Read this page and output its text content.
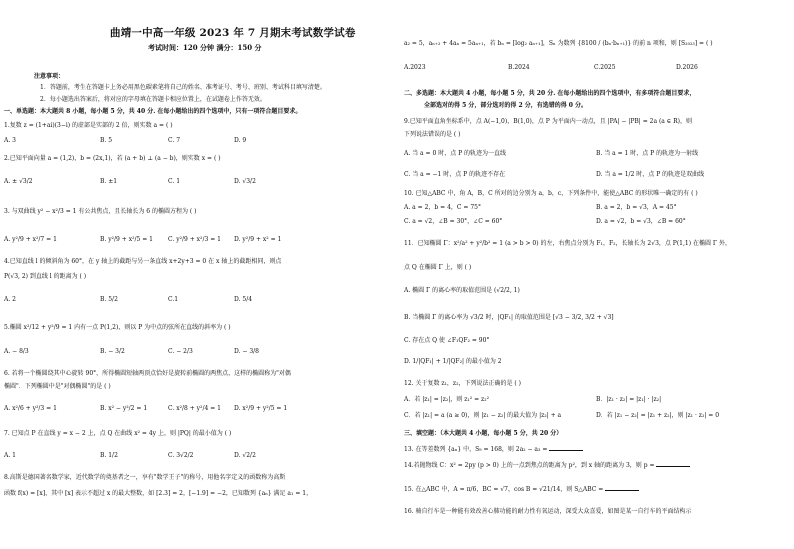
曲靖一中高一年级 2023 年 7 月期末考试数学试卷
考试时间：120 分钟 满分：150 分
注意事项：
1．答题前，考生在答题卡上务必用黑色碳素笔将自己的姓名、准考证号、考号、班别、考试科目填写清楚。
2．每小题选出答案后，将对应的字母填在答题卡相应位置上，在试题卷上作答无效。
一、单选题：本大题共 8 小题，每小题 5 分，共 40 分. 在每小题给出的四个选项中，只有一项符合题目要求。
1.复数 z = (1+ai)(3−i) 的虚部是实部的 2 倍，则实数 a = ( )
A. 3	B. 5	C. 7	D. 9
2.已知平面向量 a = (1,2)，b = (2x,1)，若 (a + b) ⊥ (a − b)，则实数 x = ( )
A. ± √3/2	B. ±1	C. 1	D. √3/2
3. 与双曲线 y² − x²/3 = 1 有公共焦点，且长轴长为 6 的椭圆方程为 ( )
A. y²/9 + x²/7 = 1	B. y²/9 + x²/5 = 1	C. y²/9 + x²/3 = 1 D. y²/9 + x² = 1
4.已知直线 l 的倾斜角为 60°，在 y 轴上的截距与另一条直线 x+2y+3 = 0 在 x 轴上的截距相同，则点
P(√3, 2) 到直线 l 的距离为 ( )
A. 2	B. 5/2	C.1	D. 5/4
5.椭圆 x²/12 + y²/9 = 1 内有一点 P(1,2)，则以 P 为中点的弦所在直线的斜率为 ( )
A. − 8/3	B. − 3/2	C. − 2/3	D. − 3/8
6. 若将一个椭圆绕其中心旋转 90°，所得椭圆短轴两顶点恰好是旋转前椭圆的两焦点，这样的椭圆称为"对偶
椭圆"．下列椭圆中是"对偶椭圆"的是 ( )
A. x²/6 + y²/3 = 1	B. x² − y²/2 = 1	C. x²/8 + y²/4 = 1 D. x²/9 + y²/5 = 1
7. 已知点 P 在直线 y = x − 2 上，点 Q 在曲线 x² = 4y 上，则 |PQ| 的最小值为 ( )
A. 1	B. 1/2	C. 3√2/2	D. √2/2
8.高斯是德国著名数学家，近代数学的奠基者之一，享有"数学王子"的称号，用他名字定义的函数称为高斯
函数 f(x) = [x]，其中 [x] 表示不超过 x 的最大整数，如 [2.3] = 2，[−1.9] = −2，已知数列 {aₙ} 满足 a₁ = 1，
a₂ = 5，aₙ₊₂ + 4aₙ = 5aₙ₊₁，若 bₙ = [log₂ aₙ₊₁]，Sₙ 为数列 {8100 / (bₙ·bₙ₊₁)} 的前 n 项和，则 [S₂₀₂₃] = ( )
A.2023	B.2024	C.2025	D.2026
二、多选题：本大题共 4 小题，每小题 5 分，共 20 分. 在每小题给出的四个选项中，有多项符合题目要求，
全部选对的得 5 分，部分选对的得 2 分，有选错的得 0 分。
9.已知平面直角坐标系中，点 A(−1,0)，B(1,0)，点 P 为平面内一动点，且 |PA| − |PB| = 2a (a ∈ R)，则
下列说法错误的是 ( )
A. 当 a = 0 时，点 P 的轨迹为一直线	B. 当 a = 1 时，点 P 的轨迹为一射线
C. 当 a = −1 时，点 P 的轨迹不存在	D. 当 a = 1/2 时，点 P 的轨迹是双曲线
10. 已知△ABC 中，角 A，B，C 所对的边分别为 a，b，c，下列条件中，能使△ABC 的形状唯一确定的有 ( )
A. a = 2，b = 4，C = 75°	B. a = 2，b = √3，A = 45°
C. a = √2，∠B = 30°，∠C = 60°	D. a = √2，b = √3，∠B = 60°
11．已知椭圆 Γ：x²/a² + y²/b² = 1 (a > b > 0) 的左，右焦点分别为 F₁，F₂，长轴长为 2√3，点 P(1,1) 在椭圆 Γ 外，
点 Q 在椭圆 Γ 上，则 ( )
A. 椭圆 Γ 的离心率的取值范围是 (√2/2, 1)
B. 当椭圆 Γ 的离心率为 √3/2 时，|QF₁| 的取值范围是 [√3 − 3/2, 3/2 + √3]
C. 存在点 Q 使 ∠F₁QF₂ = 90°
D. 1/|QF₁| + 1/|QF₂| 的最小值为 2
12. 关于复数 z₁，z₂，下列说法正确的是 ( )
A．若 |z₁| = |z₂|，则 z₁² = z₂²	B．|z₁ · z₂| = |z₁| · |z₂|
C．若 |z₁| = a (a ≥ 0)，则 |z₁ − z₂| 的最大值为 |z₂| + a	D．若 |z₁ − z₂| = |z₁ + z₂|，则 |z₁ · z₂| = 0
三、填空题：（本大题共 4 小题，每小题 5 分，共 20 分）
13. 在等差数列 {aₙ} 中，S₉ = 168，则 2a₂ − a₃ =
14.若抛物线 C：x² = 2py (p > 0) 上的一点到焦点的距离为 p²，到 x 轴的距离为 3，则 p =
15. 在△ABC 中，A = π/6，BC = √7，cos B = √21/14，则 S△ABC =
16. 骑自行车是一种能有效改善心肺功能的耐力性有氧运动，深受大众喜爱，如图是某一自行车的平面结构示
